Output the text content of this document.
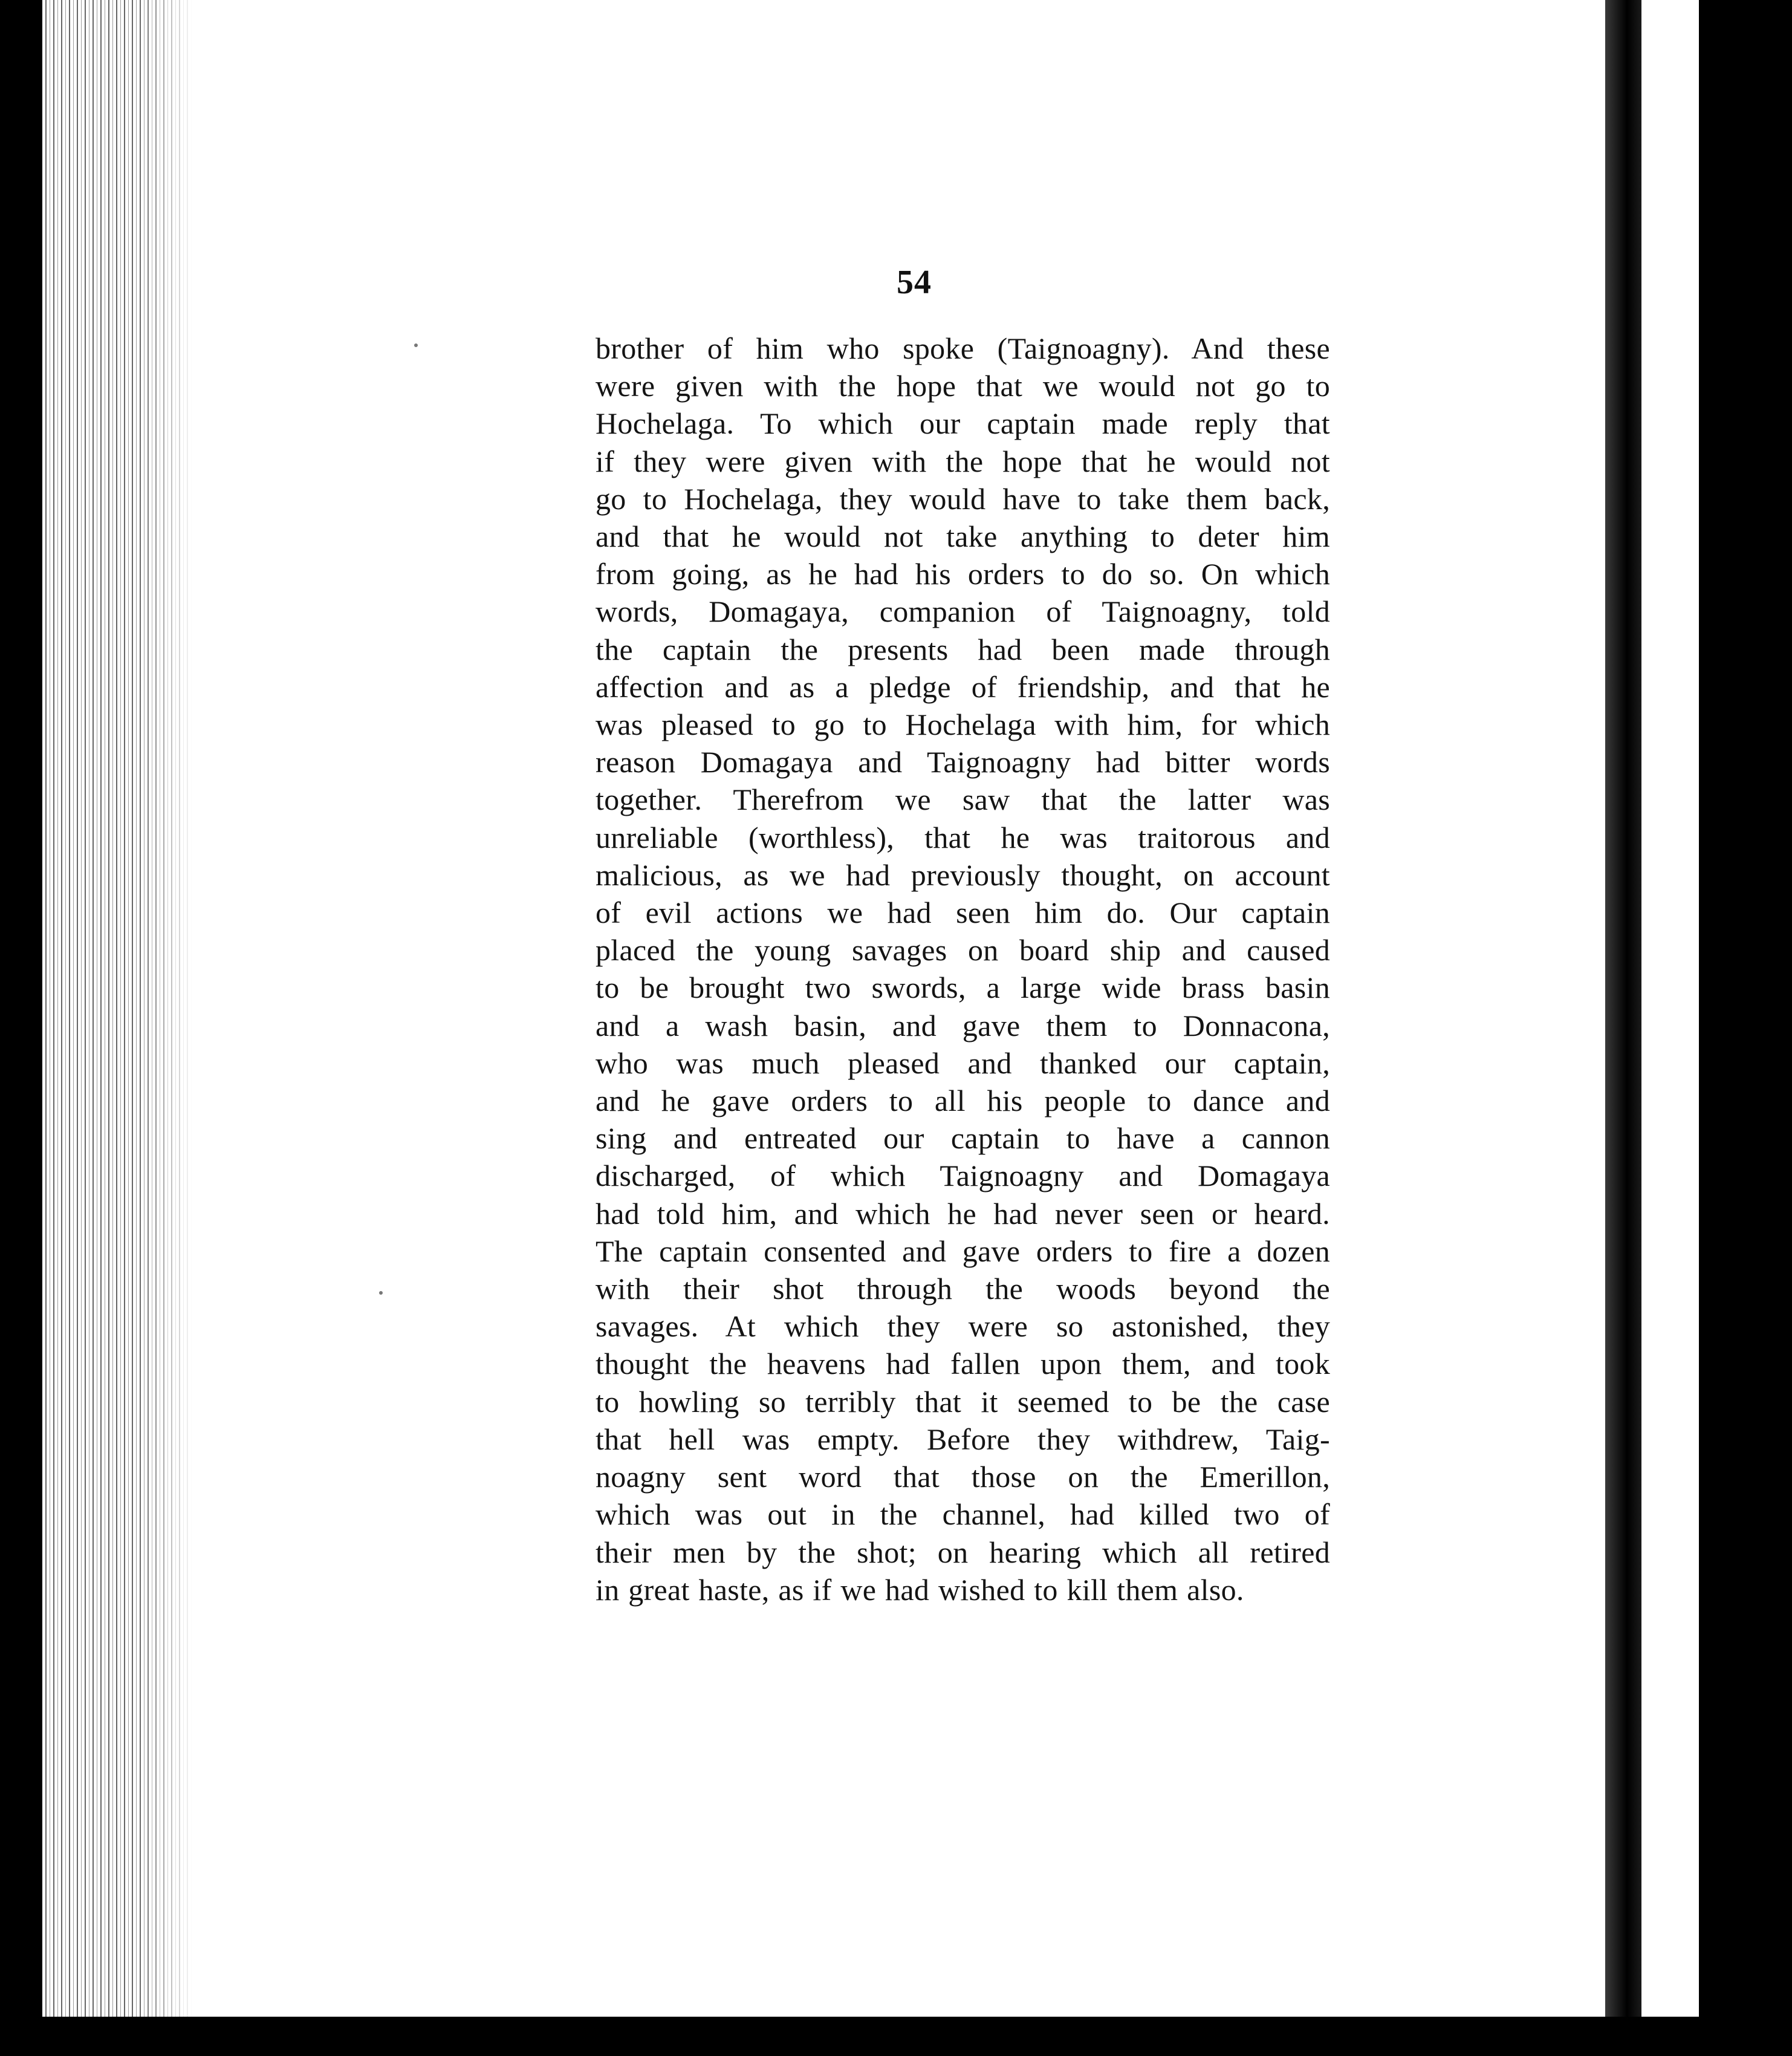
54
brother of him who spoke (Taignoagny). And these
were given with the hope that we would not go to
Hochelaga. To which our captain made reply that
if they were given with the hope that he would not
go to Hochelaga, they would have to take them back,
and that he would not take anything to deter him
from going, as he had his orders to do so. On which
words, Domagaya, companion of Taignoagny, told
the captain the presents had been made through
affection and as a pledge of friendship, and that he
was pleased to go to Hochelaga with him, for which
reason Domagaya and Taignoagny had bitter words
together. Therefrom we saw that the latter was
unreliable (worthless), that he was traitorous and
malicious, as we had previously thought, on account
of evil actions we had seen him do. Our captain
placed the young savages on board ship and caused
to be brought two swords, a large wide brass basin
and a wash basin, and gave them to Donnacona,
who was much pleased and thanked our captain,
and he gave orders to all his people to dance and
sing and entreated our captain to have a cannon
discharged, of which Taignoagny and Domagaya
had told him, and which he had never seen or heard.
The captain consented and gave orders to fire a dozen
with their shot through the woods beyond the
savages. At which they were so astonished, they
thought the heavens had fallen upon them, and took
to howling so terribly that it seemed to be the case
that hell was empty. Before they withdrew, Taig-
noagny sent word that those on the Emerillon,
which was out in the channel, had killed two of
their men by the shot; on hearing which all retired
in great haste, as if we had wished to kill them also.
